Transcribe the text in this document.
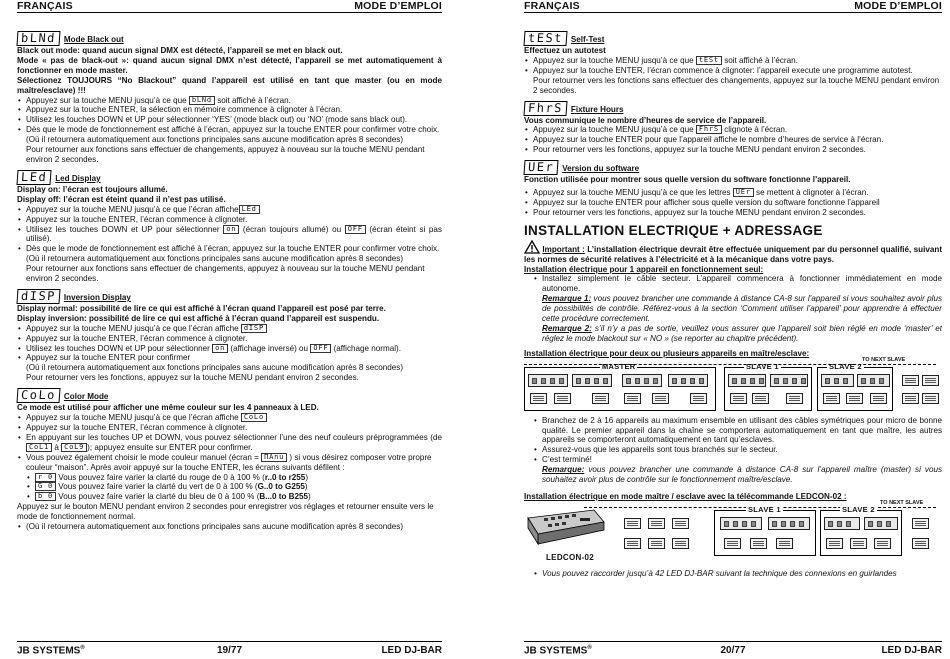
FRANÇAIS	MODE D’EMPLOI
bLNd Mode Black out
Black out mode: quand aucun signal DMX est détecté, l’appareil se met en black out.
Mode « pas de black-out »: quand aucun signal DMX n’est détecté, l’appareil se met automatiquement à fonctionner en mode master.
Sélectionez TOUJOURS “No Blackout” quand l’appareil est utilisé en tant que master (ou en mode maître/esclave) !!!
• Appuyez sur la touche MENU jusqu’à ce que bLNd soit affiché à l’écran.
• Appuyez sur la touche ENTER, la sélection en mémoire commence à clignoter à l’écran.
• Utilisez les touches DOWN et UP pour sélectionner ‘YES’ (mode black out) ou ‘NO’ (mode sans black out).
• Dès que le mode de fonctionnement est affiché à l’écran, appuyez sur la touche ENTER pour confirmer votre choix.
(Où il retournera automatiquement aux fonctions principales sans aucune modification après 8 secondes)
Pour retourner aux fonctions sans effectuer de changements, appuyez à nouveau sur la touche MENU pendant environ 2 secondes.
LEd Led Display
Display on: l’écran est toujours allumé.
Display off: l’écran est éteint quand il n’est pas utilisé.
• Appuyez sur la touche MENU jusqu’à ce que l’écran affiche LEd
• Appuyez sur la touche ENTER, l’écran commence à clignoter.
• Utilisez les touches DOWN et UP pour sélectionner on (écran toujours allumé) ou OFF (écran éteint si pas utilisé).
• Dès que le mode de fonctionnement est affiché à l’écran, appuyez sur la touche ENTER pour confirmer votre choix.
(Où il retournera automatiquement aux fonctions principales sans aucune modification après 8 secondes)
Pour retourner aux fonctions sans effectuer de changements, appuyez à nouveau sur la touche MENU pendant environ 2 secondes.
dISP Inversion Display
Display normal: possibilité de lire ce qui est affiché à l’écran quand l’appareil est posé par terre.
Display inversion: possibilité de lire ce qui est affiché à l’écran quand l’appareil est suspendu.
• Appuyez sur la touche MENU jusqu’à ce que l’écran affiche dISP
• Appuyez sur la touche ENTER, l’écran commence à clignoter.
• Utilisez les touches DOWN et UP pour sélectionner on (affichage inversé) ou OFF (affichage normal).
• Appuyez sur la touche ENTER pour confirmer
(Où il retournera automatiquement aux fonctions principales sans aucune modification après 8 secondes)
Pour retourner vers les fonctions, appuyez sur la touche MENU pendant environ 2 secondes.
CoLo Color Mode
Ce mode est utilisé pour afficher une même couleur sur les 4 panneaux à LED.
• Appuyez sur la touche MENU jusqu’à ce que l’écran affiche CoLo
• Appuyez sur la touche ENTER, l’écran commence à clignoter.
• En appuyant sur les touches UP et DOWN, vous pouvez sélectionner l’une des neuf couleurs préprogrammées (de CoL1 à CoL9 ); appuyez ensuite sur ENTER pour confirmer.
• Vous pouvez également choisir le mode couleur manuel (écran = ΠΑnu ) si vous désirez composer votre propre couleur “maison”. Après avoir appuyé sur la touche ENTER, les écrans suivants défilent :
• r 0 Vous pouvez faire varier la clarté du rouge de 0 à 100 % (r..0 to r255)
• G 0 Vous pouvez faire varier la clarté du vert de 0 à 100 % (G..0 to G255)
• b 0 Vous pouvez faire varier la clarté du bleu de 0 à 100 % (B...0 to B255)
Appuyez sur le bouton MENU pendant environ 2 secondes pour enregistrer vos réglages et retourner ensuite vers le mode de fonctionnement normal.
• (Où il retournera automatiquement aux fonctions principales sans aucune modification après 8 secondes)
JB SYSTEMS®	19/77	LED DJ-BAR
FRANÇAIS	MODE D’EMPLOI
tESt Self-Test
Effectuez un autotest
• Appuyez sur la touche MENU jusqu’à ce que tESt soit affiché à l’écran.
• Appuyez sur la touche ENTER, l’écran commence à clignoter: l’appareil execute une programme autotest.
Pour retourner vers les fonctions sans effectuer des changements, appuyez sur la touche MENU pendant environ 2 secondes.
FhrS Fixture Hours
Vous communique le nombre d’heures de service de l’appareil.
• Appuyez sur la touche MENU jusqu’à ce que FhrS clignote à l’écran.
• Appuyez sur la touche ENTER pour que l’appareil affiche le nombre d’heures de service à l’écran.
• Pour retourner vers les fonctions, appuyez sur la touche MENU pendant environ 2 secondes.
UEr Version du software
Fonction utilisée pour montrer sous quelle version du software fonctionne l’appareil.
• Appuyez sur la touche MENU jusqu’à ce que les lettres UEr se mettent à clignoter à l’écran.
• Appuyez sur la touche ENTER pour afficher sous quelle version du software fonctionne l’appareil
• Pour retourner vers les fonctions, appuyez sur la touche MENU pendant environ 2 secondes.
INSTALLATION ELECTRIQUE + ADRESSAGE
Important : L’installation électrique devrait être effectuée uniquement par du personnel qualifié, suivant les normes de sécurité relatives à l’électricité et à la mécanique dans votre pays.
Installation électrique pour 1 appareil en fonctionnement seul:
• Installez simplement le câble secteur. L’appareil commencera à fonctionner immédiatement en mode autonome.
Remarque 1: vous pouvez brancher une commande à distance CA-8 sur l’appareil si vous souhaitez avoir plus de possibilités de contrôle. Référez-vous à la section ‘Comment utiliser l’appareil’ pour apprendre à effectuer cette procédure correctement.
Remarque 2: s’il n’y a pas de sortie, veuillez vous assurer que l’appareil soit bien réglé en mode ‘master’ et réglez le mode blackout sur « NO » (se reporter au chapitre précédent).
Installation électrique pour deux ou plusieurs appareils en maître/esclave:
MASTER	SLAVE 1	SLAVE 2
TO NEXT SLAVE
• Branchez de 2 à 16 appareils au maximum ensemble en utilisant des câbles symétriques pour micro de bonne qualité. Le premier appareil dans la chaîne se comportera automatiquement en tant que maître, les autres appareils se comporteront automatiquement en tant qu’esclaves.
• Assurez-vous que les appareils sont tous branchés sur le secteur.
• C’est terminé!
Remarque: vous pouvez brancher une commande à distance CA-8 sur l’appareil maître (master) si vous souhaitez avoir plus de contrôle sur le fonctionnement maître/esclave.
Installation électrique en mode maître / esclave avec la télécommande LEDCON-02 :
LEDCON-02
TO NEXT SLAVE
SLAVE 1	SLAVE 2
• Vous pouvez raccorder jusqu’à 42 LED DJ-BAR suivant la technique des connexions en guirlandes
JB SYSTEMS®	20/77	LED DJ-BAR
